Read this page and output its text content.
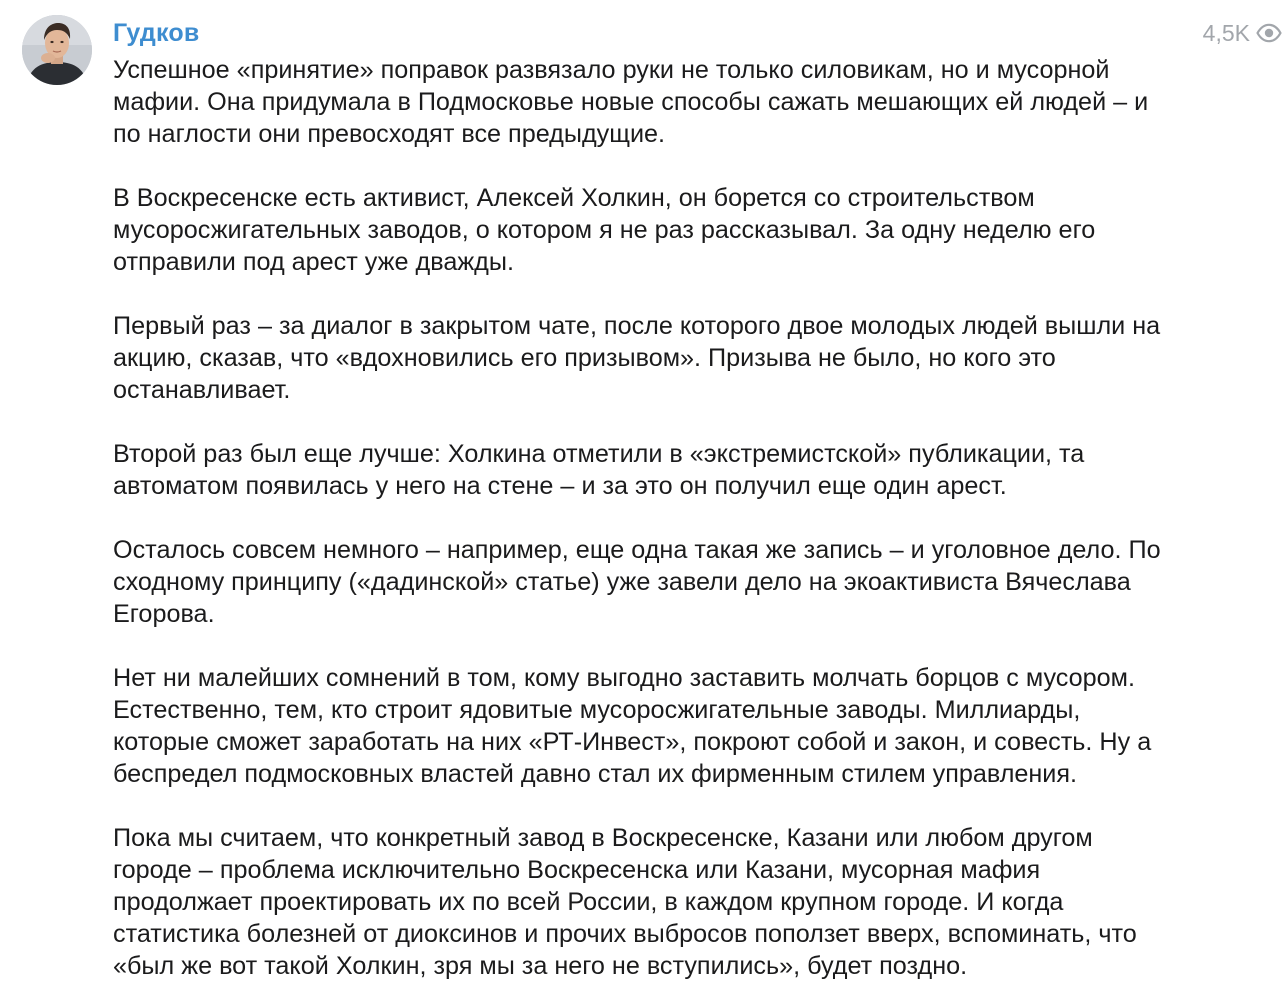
Гудков	4,5K

Успешное «принятие» поправок развязало руки не только силовикам, но и мусорной
мафии. Она придумала в Подмосковье новые способы сажать мешающих ей людей – и
по наглости они превосходят все предыдущие.

В Воскресенске есть активист, Алексей Холкин, он борется со строительством
мусоросжигательных заводов, о котором я не раз рассказывал. За одну неделю его
отправили под арест уже дважды.

Первый раз – за диалог в закрытом чате, после которого двое молодых людей вышли на
акцию, сказав, что «вдохновились его призывом». Призыва не было, но кого это
останавливает.

Второй раз был еще лучше: Холкина отметили в «экстремистской» публикации, та
автоматом появилась у него на стене – и за это он получил еще один арест.

Осталось совсем немного – например, еще одна такая же запись – и уголовное дело. По
сходному принципу («дадинской» статье) уже завели дело на экоактивиста Вячеслава
Егорова.

Нет ни малейших сомнений в том, кому выгодно заставить молчать борцов с мусором.
Естественно, тем, кто строит ядовитые мусоросжигательные заводы. Миллиарды,
которые сможет заработать на них «РТ-Инвест», покроют собой и закон, и совесть. Ну а
беспредел подмосковных властей давно стал их фирменным стилем управления.

Пока мы считаем, что конкретный завод в Воскресенске, Казани или любом другом
городе – проблема исключительно Воскресенска или Казани, мусорная мафия
продолжает проектировать их по всей России, в каждом крупном городе. И когда
статистика болезней от диоксинов и прочих выбросов поползет вверх, вспоминать, что
«был же вот такой Холкин, зря мы за него не вступились», будет поздно.
